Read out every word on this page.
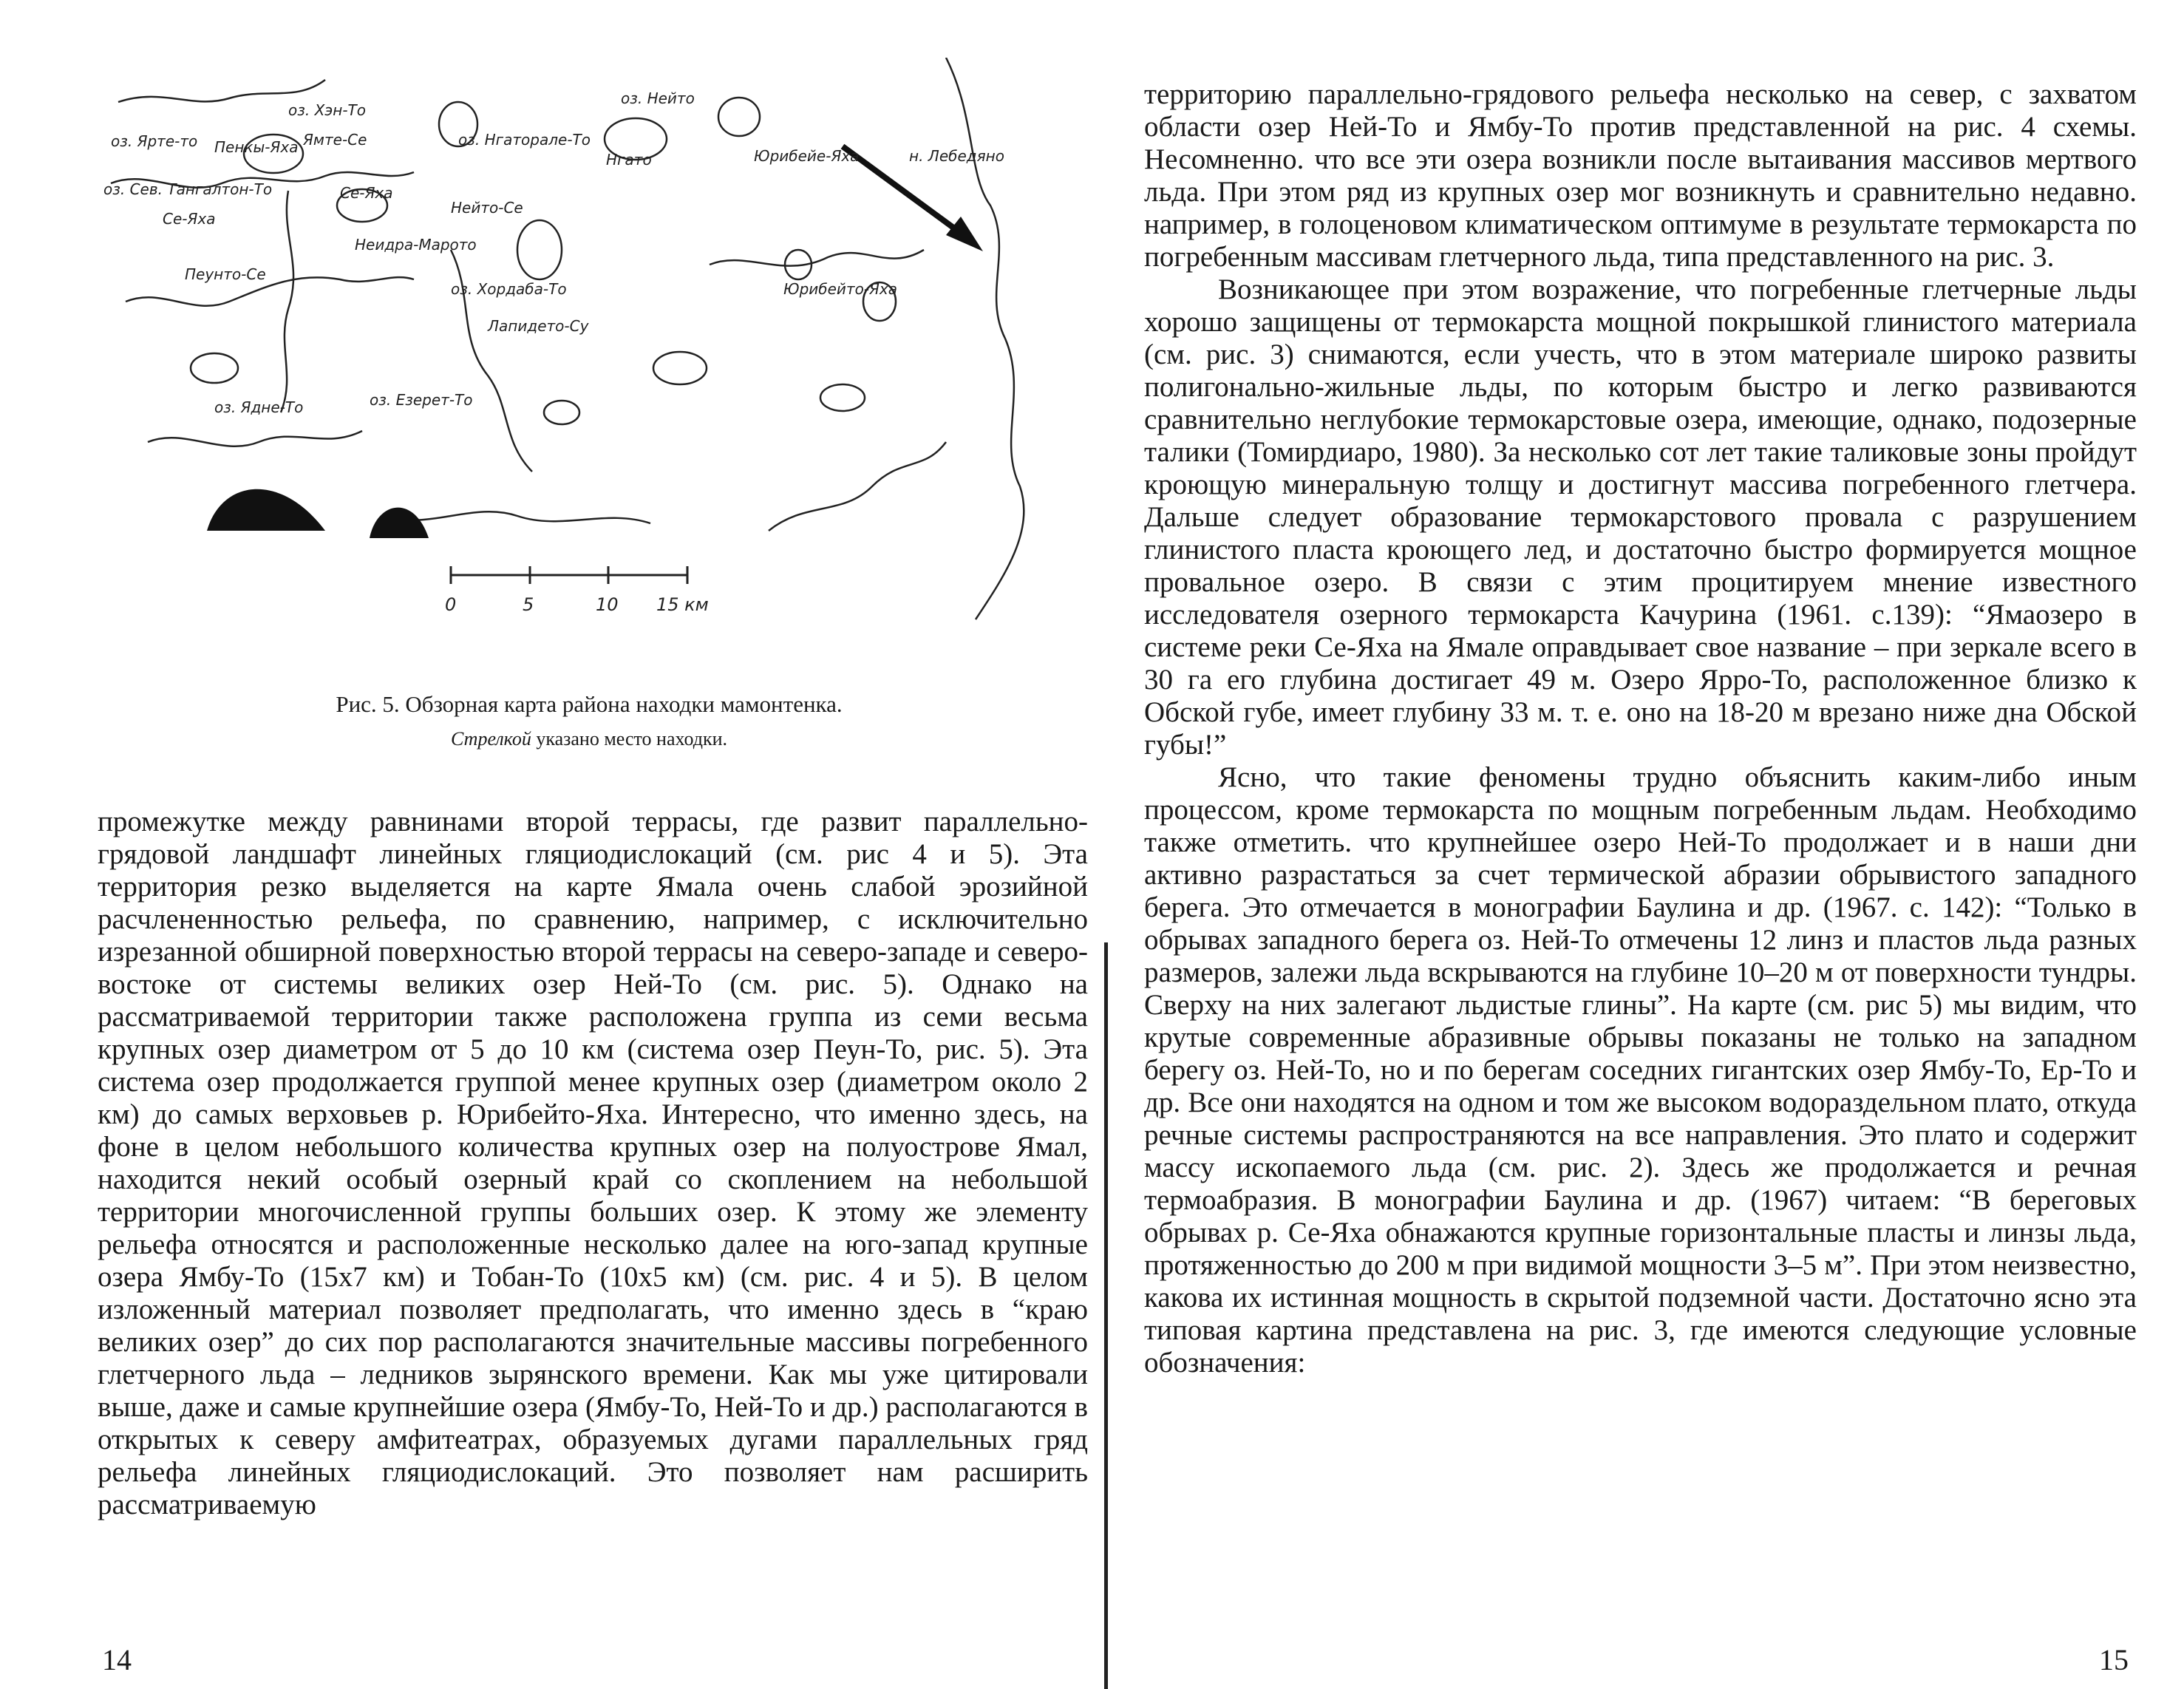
оз. Нейто
оз. Хэн-То
Ямте-Се
Нгато
оз. Ярте-то Пенкы-Яха	оз. Нгаторале-То
оз. Сев. Тангалтон-То
Се-Яха
Нейто-Се
Юрибейе-Яха
Се-Яха
Неидра-Марото
Пеунто-Се
оз. Хордаба-То
Лапидето-Су
Юрибейто-Яха
оз. Езерет-То
оз. Ядне-То
н. Лебедяно
0	5	10 15 км

Рис. 5. Обзорная карта района находки мамонтенка.

Стрелкой указано место находки.

промежутке между равнинами второй террасы, где развит параллельно-грядовой ландшафт линейных гляциодислокаций (см. рис 4 и 5). Эта территория резко выделяется на карте Ямала очень слабой эрозийной расчлененностью рельефа, по сравнению, например, с исключительно изрезанной обширной поверхностью второй террасы на северо-западе и северо-востоке от системы великих озер Ней-То (см. рис. 5). Однако на рассматриваемой территории также расположена группа из семи весьма крупных озер диаметром от 5 до 10 км (система озер Пеун-То, рис. 5). Эта система озер продолжается группой менее крупных озер (диаметром около 2 км) до самых верховьев р. Юрибейто-Яха. Интересно, что именно здесь, на фоне в целом небольшого количества крупных озер на полуострове Ямал, находится некий особый озерный край со скоплением на небольшой территории многочисленной группы больших озер. К этому же элементу рельефа относятся и расположенные несколько далее на юго-запад крупные озера Ямбу-То (15х7 км) и Тобан-То (10х5 км) (см. рис. 4 и 5). В целом изложенный материал позволяет предполагать, что именно здесь в “краю великих озер” до сих пор располагаются значительные массивы погребенного глетчерного льда – ледников зырянского времени. Как мы уже цитировали выше, даже и самые крупнейшие озера (Ямбу-То, Ней-То и др.) располагаются в открытых к северу амфитеатрах, образуемых дугами параллельных гряд рельефа линейных гляциодислокаций. Это позволяет нам расширить рассматриваемую

14

территорию параллельно-грядового рельефа несколько на север, с захватом области озер Ней-То и Ямбу-То против представленной на рис. 4 схемы. Несомненно. что все эти озера возникли после вытаивания массивов мертвого льда. При этом ряд из крупных озер мог возникнуть и сравнительно недавно. например, в голоценовом климатическом оптимуме в результате термокарста по погребенным массивам глетчерного льда, типа представленного на рис. 3.

Возникающее при этом возражение, что погребенные глетчерные льды хорошо защищены от термокарста мощной покрышкой глинистого материала (см. рис. 3) снимаются, если учесть, что в этом материале широко развиты полигонально-жильные льды, по которым быстро и легко развиваются сравнительно неглубокие термокарстовые озера, имеющие, однако, подозерные талики (Томирдиаро, 1980). За несколько сот лет такие таликовые зоны пройдут кроющую минеральную толщу и достигнут массива погребенного глетчера. Дальше следует образование термокарстового провала с разрушением глинистого пласта кроющего лед, и достаточно быстро формируется мощное провальное озеро. В связи с этим процитируем мнение известного исследователя озерного термокарста Качурина (1961. с.139): “Ямаозеро в системе реки Се-Яха на Ямале оправдывает свое название – при зеркале всего в 30 га его глубина достигает 49 м. Озеро Ярро-То, расположенное близко к Обской губе, имеет глубину 33 м. т. е. оно на 18-20 м врезано ниже дна Обской губы!”

Ясно, что такие феномены трудно объяснить каким-либо иным процессом, кроме термокарста по мощным погребенным льдам. Необходимо также отметить. что крупнейшее озеро Ней-То продолжает и в наши дни активно разрастаться за счет термической абразии обрывистого западного берега. Это отмечается в монографии Баулина и др. (1967. с. 142): “Только в обрывах западного берега оз. Ней-То отмечены 12 линз и пластов льда разных размеров, залежи льда вскрываются на глубине 10–20 м от поверхности тундры. Сверху на них залегают льдистые глины”. На карте (см. рис 5) мы видим, что крутые современные абразивные обрывы показаны не только на западном берегу оз. Ней-То, но и по берегам соседних гигантских озер Ямбу-То, Ер-То и др. Все они находятся на одном и том же высоком водораздельном плато, откуда речные системы распространяются на все направления. Это плато и содержит массу ископаемого льда (см. рис. 2). Здесь же продолжается и речная термоабразия. В монографии Баулина и др. (1967) читаем: “В береговых обрывах р. Се-Яха обнажаются крупные горизонтальные пласты и линзы льда, протяженностью до 200 м при видимой мощности 3–5 м”. При этом неизвестно, какова их истинная мощность в скрытой подземной части. Достаточно ясно эта типовая картина представлена на рис. 3, где имеются следующие условные обозначения:

15
